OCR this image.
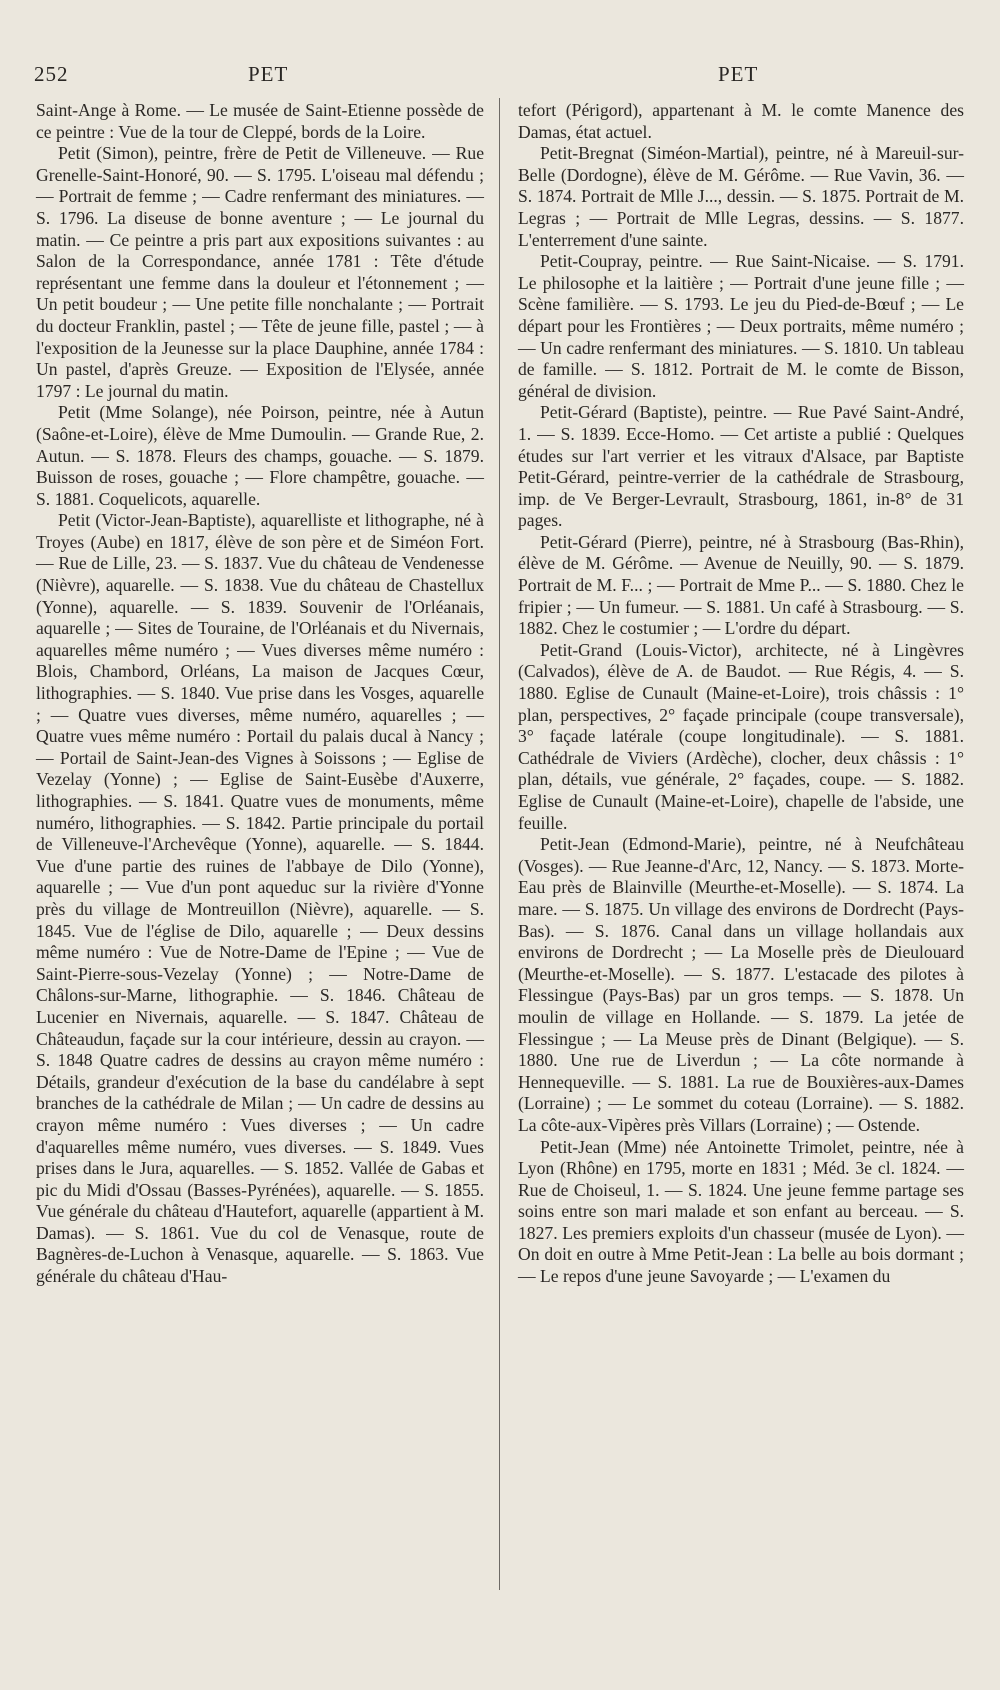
252	PET	PET

Saint-Ange à Rome. — Le musée de Saint-Etienne possède de ce peintre : Vue de la tour de Cleppé, bords de la Loire.

Petit (Simon), peintre, frère de Petit de Villeneuve. — Rue Grenelle-Saint-Honoré, 90. — S. 1795. L'oiseau mal défendu ; — Portrait de femme ; — Cadre renfermant des miniatures. — S. 1796. La diseuse de bonne aventure ; — Le journal du matin. — Ce peintre a pris part aux expositions suivantes : au Salon de la Correspondance, année 1781 : Tête d'étude représentant une femme dans la douleur et l'étonnement ; — Un petit boudeur ; — Une petite fille nonchalante ; — Portrait du docteur Franklin, pastel ; — Tête de jeune fille, pastel ; — à l'exposition de la Jeunesse sur la place Dauphine, année 1784 : Un pastel, d'après Greuze. — Exposition de l'Elysée, année 1797 : Le journal du matin.

Petit (Mme Solange), née Poirson, peintre, née à Autun (Saône-et-Loire), élève de Mme Dumoulin. — Grande Rue, 2. Autun. — S. 1878. Fleurs des champs, gouache. — S. 1879. Buisson de roses, gouache ; — Flore champêtre, gouache. — S. 1881. Coquelicots, aquarelle.

Petit (Victor-Jean-Baptiste), aquarelliste et lithographe, né à Troyes (Aube) en 1817, élève de son père et de Siméon Fort. — Rue de Lille, 23. — S. 1837. Vue du château de Vendenesse (Nièvre), aquarelle. — S. 1838. Vue du château de Chastellux (Yonne), aquarelle. — S. 1839. Souvenir de l'Orléanais, aquarelle ; — Sites de Touraine, de l'Orléanais et du Nivernais, aquarelles même numéro ; — Vues diverses même numéro : Blois, Chambord, Orléans, La maison de Jacques Cœur, lithographies. — S. 1840. Vue prise dans les Vosges, aquarelle ; — Quatre vues diverses, même numéro, aquarelles ; — Quatre vues même numéro : Portail du palais ducal à Nancy ; — Portail de Saint-Jean-des Vignes à Soissons ; — Eglise de Vezelay (Yonne) ; — Eglise de Saint-Eusèbe d'Auxerre, lithographies. — S. 1841. Quatre vues de monuments, même numéro, lithographies. — S. 1842. Partie principale du portail de Villeneuve-l'Archevêque (Yonne), aquarelle. — S. 1844. Vue d'une partie des ruines de l'abbaye de Dilo (Yonne), aquarelle ; — Vue d'un pont aqueduc sur la rivière d'Yonne près du village de Montreuillon (Nièvre), aquarelle. — S. 1845. Vue de l'église de Dilo, aquarelle ; — Deux dessins même numéro : Vue de Notre-Dame de l'Epine ; — Vue de Saint-Pierre-sous-Vezelay (Yonne) ; — Notre-Dame de Châlons-sur-Marne, lithographie. — S. 1846. Château de Lucenier en Nivernais, aquarelle. — S. 1847. Château de Châteaudun, façade sur la cour intérieure, dessin au crayon. — S. 1848 Quatre cadres de dessins au crayon même numéro : Détails, grandeur d'exécution de la base du candélabre à sept branches de la cathédrale de Milan ; — Un cadre de dessins au crayon même numéro : Vues diverses ; — Un cadre d'aquarelles même numéro, vues diverses. — S. 1849. Vues prises dans le Jura, aquarelles. — S. 1852. Vallée de Gabas et pic du Midi d'Ossau (Basses-Pyrénées), aquarelle. — S. 1855. Vue générale du château d'Hautefort, aquarelle (appartient à M. Damas). — S. 1861. Vue du col de Venasque, route de Bagnères-de-Luchon à Venasque, aquarelle. — S. 1863. Vue générale du château d'Hau-

tefort (Périgord), appartenant à M. le comte Manence des Damas, état actuel.

Petit-Bregnat (Siméon-Martial), peintre, né à Mareuil-sur-Belle (Dordogne), élève de M. Gérôme. — Rue Vavin, 36. — S. 1874. Portrait de Mlle J..., dessin. — S. 1875. Portrait de M. Legras ; — Portrait de Mlle Legras, dessins. — S. 1877. L'enterrement d'une sainte.

Petit-Coupray, peintre. — Rue Saint-Nicaise. — S. 1791. Le philosophe et la laitière ; — Portrait d'une jeune fille ; — Scène familière. — S. 1793. Le jeu du Pied-de-Bœuf ; — Le départ pour les Frontières ; — Deux portraits, même numéro ; — Un cadre renfermant des miniatures. — S. 1810. Un tableau de famille. — S. 1812. Portrait de M. le comte de Bisson, général de division.

Petit-Gérard (Baptiste), peintre. — Rue Pavé Saint-André, 1. — S. 1839. Ecce-Homo. — Cet artiste a publié : Quelques études sur l'art verrier et les vitraux d'Alsace, par Baptiste Petit-Gérard, peintre-verrier de la cathédrale de Strasbourg, imp. de Ve Berger-Levrault, Strasbourg, 1861, in-8° de 31 pages.

Petit-Gérard (Pierre), peintre, né à Strasbourg (Bas-Rhin), élève de M. Gérôme. — Avenue de Neuilly, 90. — S. 1879. Portrait de M. F... ; — Portrait de Mme P... — S. 1880. Chez le fripier ; — Un fumeur. — S. 1881. Un café à Strasbourg. — S. 1882. Chez le costumier ; — L'ordre du départ.

Petit-Grand (Louis-Victor), architecte, né à Lingèvres (Calvados), élève de A. de Baudot. — Rue Régis, 4. — S. 1880. Eglise de Cunault (Maine-et-Loire), trois châssis : 1° plan, perspectives, 2° façade principale (coupe transversale), 3° façade latérale (coupe longitudinale). — S. 1881. Cathédrale de Viviers (Ardèche), clocher, deux châssis : 1° plan, détails, vue générale, 2° façades, coupe. — S. 1882. Eglise de Cunault (Maine-et-Loire), chapelle de l'abside, une feuille.

Petit-Jean (Edmond-Marie), peintre, né à Neufchâteau (Vosges). — Rue Jeanne-d'Arc, 12, Nancy. — S. 1873. Morte-Eau près de Blainville (Meurthe-et-Moselle). — S. 1874. La mare. — S. 1875. Un village des environs de Dordrecht (Pays-Bas). — S. 1876. Canal dans un village hollandais aux environs de Dordrecht ; — La Moselle près de Dieulouard (Meurthe-et-Moselle). — S. 1877. L'estacade des pilotes à Flessingue (Pays-Bas) par un gros temps. — S. 1878. Un moulin de village en Hollande. — S. 1879. La jetée de Flessingue ; — La Meuse près de Dinant (Belgique). — S. 1880. Une rue de Liverdun ; — La côte normande à Hennequeville. — S. 1881. La rue de Bouxières-aux-Dames (Lorraine) ; — Le sommet du coteau (Lorraine). — S. 1882. La côte-aux-Vipères près Villars (Lorraine) ; — Ostende.

Petit-Jean (Mme) née Antoinette Trimolet, peintre, née à Lyon (Rhône) en 1795, morte en 1831 ; Méd. 3e cl. 1824. — Rue de Choiseul, 1. — S. 1824. Une jeune femme partage ses soins entre son mari malade et son enfant au berceau. — S. 1827. Les premiers exploits d'un chasseur (musée de Lyon). — On doit en outre à Mme Petit-Jean : La belle au bois dormant ; — Le repos d'une jeune Savoyarde ; — L'examen du
